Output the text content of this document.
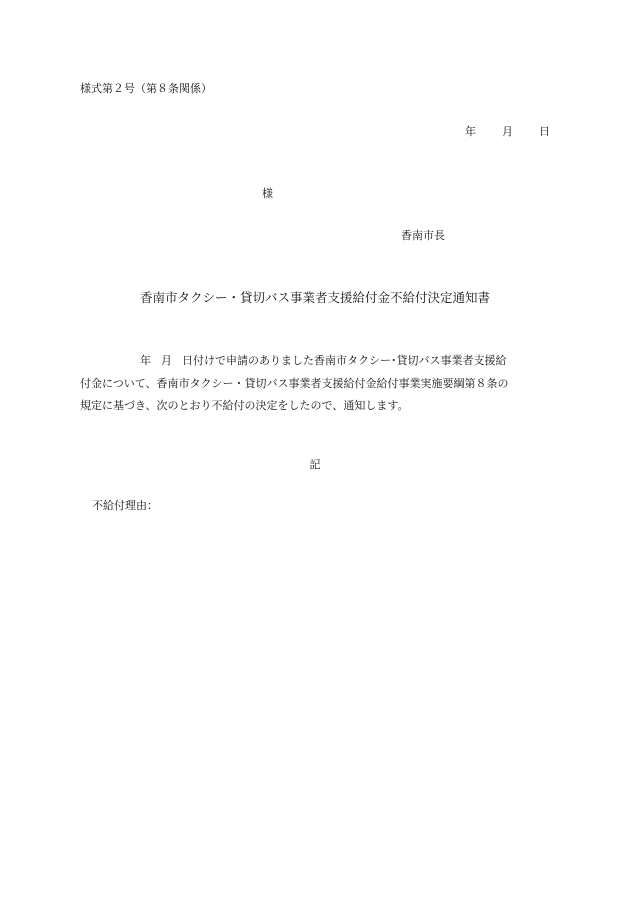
様式第２号（第８条関係）
年	月	日
様
香南市長
香南市タクシー・貸切バス事業者支援給付金不給付決定通知書
年 月 日付けで申請のありました香南市タクシー･貸切バス事業者支援給
付金について、香南市タクシー・貸切バス事業者支援給付金給付事業実施要綱第８条の
規定に基づき、次のとおり不給付の決定をしたので、通知します。
記
不給付理由：
